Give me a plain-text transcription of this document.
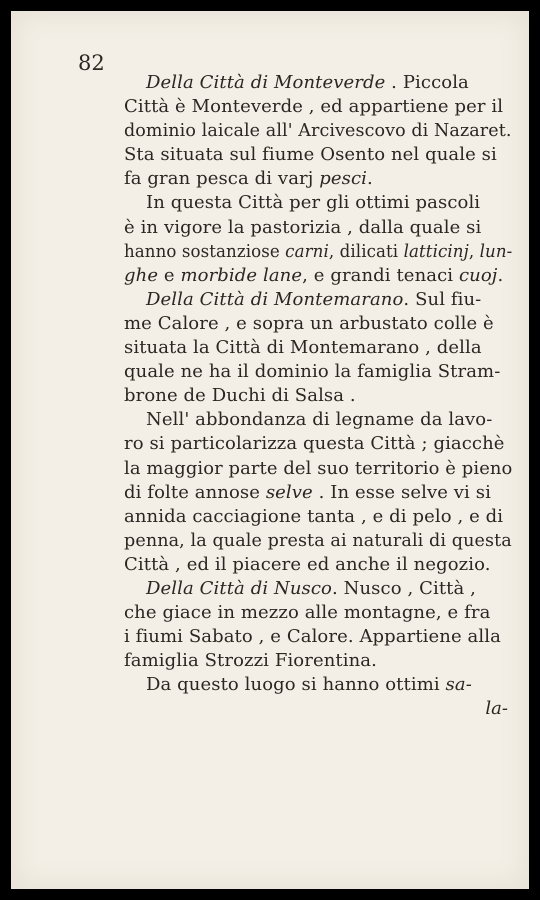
82
Della Città di Monteverde . Piccola
Città è Monteverde , ed appartiene per il
dominio laicale all' Arcivescovo di Nazaret.
Sta situata sul fiume Osento nel quale si
fa gran pesca di varj pesci.
In questa Città per gli ottimi pascoli
è in vigore la pastorizia , dalla quale si
hanno sostanziose carni, dilicati latticinj, lun-
ghe e morbide lane, e grandi tenaci cuoj.
Della Città di Montemarano. Sul fiu-
me Calore , e sopra un arbustato colle è
situata la Città di Montemarano , della
quale ne ha il dominio la famiglia Stram-
brone de Duchi di Salsa .
Nell' abbondanza di legname da lavo-
ro si particolarizza questa Città ; giacchè
la maggior parte del suo territorio è pieno
di folte annose selve . In esse selve vi si
annida cacciagione tanta , e di pelo , e di
penna, la quale presta ai naturali di questa
Città , ed il piacere ed anche il negozio.
Della Città di Nusco. Nusco , Città ,
che giace in mezzo alle montagne, e fra
i fiumi Sabato , e Calore. Appartiene alla
famiglia Strozzi Fiorentina.
Da questo luogo si hanno ottimi sa-
la-
